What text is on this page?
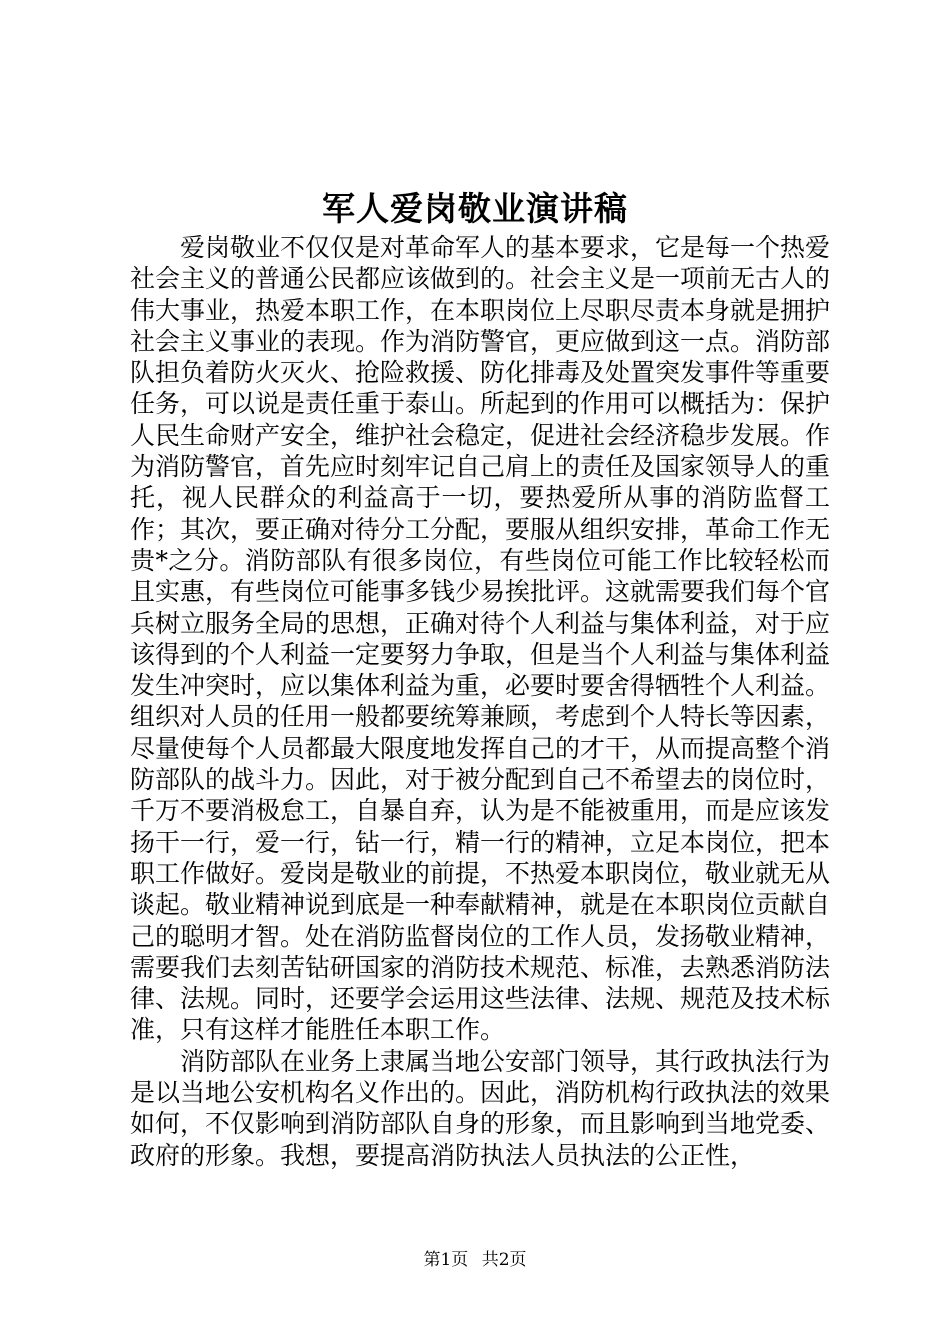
军人爱岗敬业演讲稿

爱岗敬业不仅仅是对革命军人的基本要求，它是每一个热爱社会主义的普通公民都应该做到的。社会主义是一项前无古人的伟大事业，热爱本职工作，在本职岗位上尽职尽责本身就是拥护社会主义事业的表现。作为消防警官，更应做到这一点。消防部队担负着防火灭火、抢险救援、防化排毒及处置突发事件等重要任务，可以说是责任重于泰山。所起到的作用可以概括为：保护人民生命财产安全，维护社会稳定，促进社会经济稳步发展。作为消防警官，首先应时刻牢记自己肩上的责任及国家领导人的重托，视人民群众的利益高于一切，要热爱所从事的消防监督工作；其次，要正确对待分工分配，要服从组织安排，革命工作无贵*之分。消防部队有很多岗位，有些岗位可能工作比较轻松而且实惠，有些岗位可能事多钱少易挨批评。这就需要我们每个官兵树立服务全局的思想，正确对待个人利益与集体利益，对于应该得到的个人利益一定要努力争取，但是当个人利益与集体利益发生冲突时，应以集体利益为重，必要时要舍得牺牲个人利益。组织对人员的任用一般都要统筹兼顾，考虑到个人特长等因素，尽量使每个人员都最大限度地发挥自己的才干，从而提高整个消防部队的战斗力。因此，对于被分配到自己不希望去的岗位时，千万不要消极怠工，自暴自弃，认为是不能被重用，而是应该发扬干一行，爱一行，钻一行，精一行的精神，立足本岗位，把本职工作做好。爱岗是敬业的前提，不热爱本职岗位，敬业就无从谈起。敬业精神说到底是一种奉献精神，就是在本职岗位贡献自己的聪明才智。处在消防监督岗位的工作人员，发扬敬业精神，需要我们去刻苦钻研国家的消防技术规范、标准，去熟悉消防法律、法规。同时，还要学会运用这些法律、法规、规范及技术标准，只有这样才能胜任本职工作。

消防部队在业务上隶属当地公安部门领导，其行政执法行为是以当地公安机构名义作出的。因此，消防机构行政执法的效果如何，不仅影响到消防部队自身的形象，而且影响到当地党委、政府的形象。我想，要提高消防执法人员执法的公正性，

第1页 共2页
